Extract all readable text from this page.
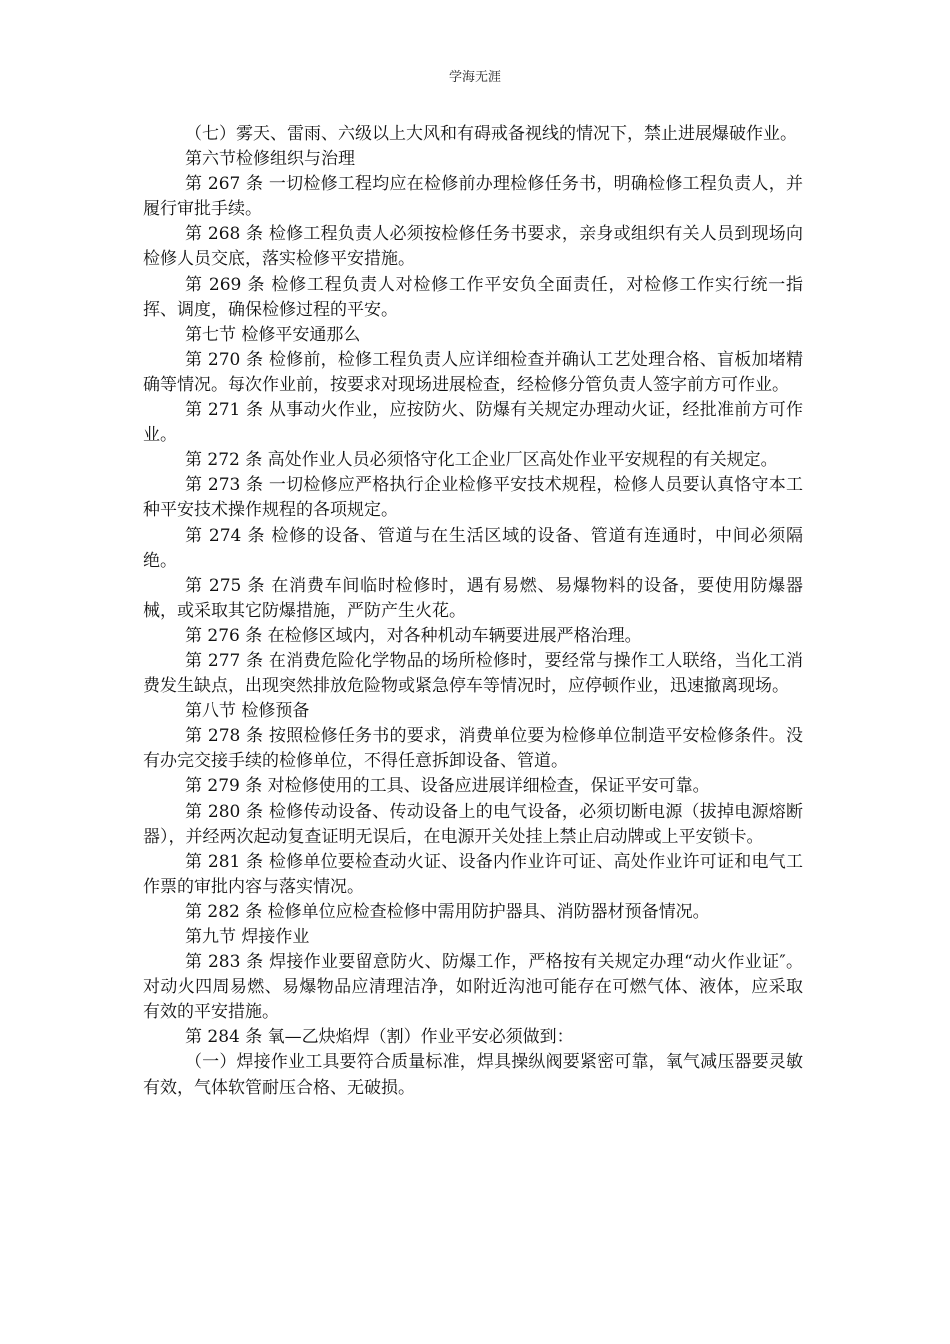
学海无涯

（七）雾天、雷雨、六级以上大风和有碍戒备视线的情况下，禁止进展爆破作业。

第六节检修组织与治理

第 267 条 一切检修工程均应在检修前办理检修任务书，明确检修工程负责人，并履行审批手续。

第 268 条 检修工程负责人必须按检修任务书要求，亲身或组织有关人员到现场向检修人员交底，落实检修平安措施。

第 269 条 检修工程负责人对检修工作平安负全面责任，对检修工作实行统一指挥、调度，确保检修过程的平安。

第七节 检修平安通那么

第 270 条 检修前，检修工程负责人应详细检查并确认工艺处理合格、盲板加堵精确等情况。每次作业前，按要求对现场进展检查，经检修分管负责人签字前方可作业。

第 271 条 从事动火作业，应按防火、防爆有关规定办理动火证，经批准前方可作业。

第 272 条 高处作业人员必须恪守化工企业厂区高处作业平安规程的有关规定。

第 273 条 一切检修应严格执行企业检修平安技术规程，检修人员要认真恪守本工种平安技术操作规程的各项规定。

第 274 条 检修的设备、管道与在生活区域的设备、管道有连通时，中间必须隔绝。

第 275 条 在消费车间临时检修时，遇有易燃、易爆物料的设备，要使用防爆器械，或采取其它防爆措施，严防产生火花。

第 276 条 在检修区域内，对各种机动车辆要进展严格治理。

第 277 条 在消费危险化学物品的场所检修时，要经常与操作工人联络，当化工消费发生缺点，出现突然排放危险物或紧急停车等情况时，应停顿作业，迅速撤离现场。

第八节 检修预备

第 278 条 按照检修任务书的要求，消费单位要为检修单位制造平安检修条件。没有办完交接手续的检修单位，不得任意拆卸设备、管道。

第 279 条 对检修使用的工具、设备应进展详细检查，保证平安可靠。

第 280 条 检修传动设备、传动设备上的电气设备，必须切断电源（拔掉电源熔断器），并经两次起动复查证明无误后，在电源开关处挂上禁止启动牌或上平安锁卡。

第 281 条 检修单位要检查动火证、设备内作业许可证、高处作业许可证和电气工作票的审批内容与落实情况。

第 282 条 检修单位应检查检修中需用防护器具、消防器材预备情况。

第九节 焊接作业

第 283 条 焊接作业要留意防火、防爆工作，严格按有关规定办理“动火作业证″。对动火四周易燃、易爆物品应清理洁净，如附近沟池可能存在可燃气体、液体，应采取有效的平安措施。

第 284 条 氧—乙炔焰焊（割）作业平安必须做到：

（一）焊接作业工具要符合质量标准，焊具操纵阀要紧密可靠，氧气减压器要灵敏有效，气体软管耐压合格、无破损。
